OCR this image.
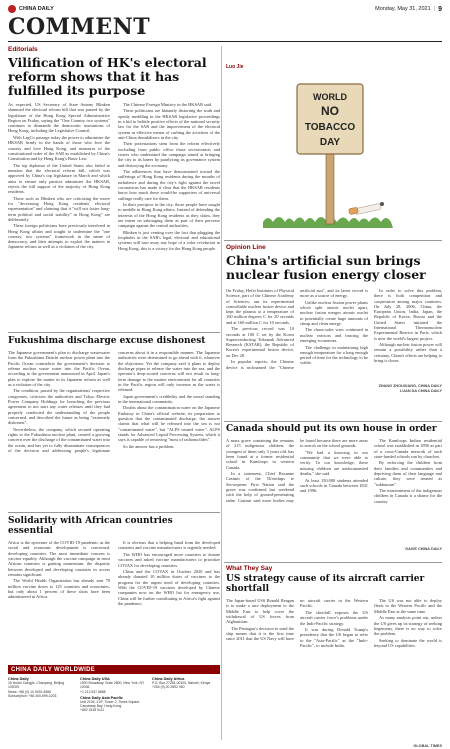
CHINA DAILY	Monday, May 31, 2021 | 9
COMMENT
Editorials
Vilification of HK's electoral reform shows that it has fulfilled its purpose

As expected, US Secretary of State Antony Blinken slammed the electoral reform bill that was passed by the legislature of the Hong Kong Special Administrative Region on Friday, saying the "One Country two systems" continues to dismantle the democratic institutions of Hong Kong, including the Legislative Council.

With LegCo passage today the power to administer the HKSAR firmly in the hands of those who love the country and love Hong Kong, and measures of the constitutional order of the SAR as established by China's Constitution and by Hong Kong's Basic Law.

The top diplomat of the United States also failed to mention that the electoral reform bill, which was approved by China's top legislature in March and which aims to ensure only patriots administer the HKSAR, rejects the full support of the majority of Hong Kong residents.

Those such as Blinken who are criticizing the move for "decreasing Hong Kong residents' electoral representation" and claiming that it "will not foster long-term political and social stability" in Hong Kong" are deliberately

These foreign politicians have previously interfered in Hong Kong affairs and sought to undermine the "one country, two systems" framework in the name of democracy, and their attempts to exploit the matters in Japanese reform as well as a violation of the city.

The Chinese Foreign Ministry in the HKSAR said.

These politicians are blatantly distorting the truth and openly meddling in the HKSAR legislative proceedings in a bid to belittle positive effects of the national security law for the SAR and the improvement of the electoral system as effective means of curbing the activities of the anti-China destabilizers in the city.

Their protestations stem from the reform effectively excluding from public office those secessionists and rioters who understand the campaign aimed at bringing the city to its knees by paralyzing its governance system and destroying the economy.

The adherences that have demonstrated toward the sufferings of Hong Kong residents during the months of turbulence and during the city's fight against the novel coronavirus has made it clear that the HKSAR residents know how much these would-be supporters of universal suffrage really care for them.

In their precipice in the city, those people have sought to meddle in Hong Kong affairs. Instead of defending the interests of the Hong Kong residents as they claim, they are intent on sabotaging them as part of their perverse campaign against the central authorities.

Blinken is just venting over the fact that plugging the loopholes in the SAR's legal, electoral and educational systems will turn away any hope of a color revolution in Hong Kong, this is a victory for the Hong Kong people.

Fukushima discharge excuse dishonest

The Japanese government's plan to discharge wastewater from the Fukushima Daiichi nuclear power plant into the Pacific Ocean contradicts the government's decision to release nuclear waste water into the Pacific Ocean, according to the government announced in April. Japan's plan to explore the matter in its Japanese reform as well as a violation of the city.

The condition, passed by the organizations' respective congresses, criticizes the authorities and Tokyo Electric Power Company Holdings for breaching the previous agreement to not start any water releases until they had properly conducted the understanding of the people concerned, and described the future as being "extremely dishonest".

Nevertheless, the company, which secured operating rights to the Fukushima nuclear plant, created a growing concern over the discharge of the contaminated water into the ocean, and has yet to fully disseminate consequences of the decision and addressing people's legitimate concerns about it in a responsible manner. The Japanese authorities were determined to go ahead with it, whatever the objections. Yet the company said it plans to deploy discharge pipes to release the water into the sea, and the operator's deep-rooted concerns will not result in long-term damage to the marine environment for all countries in the Pacific region will only increase as the water is released.

Japan government's credibility and the moral standing in the international community.

Doubts about the contamination water on the Japanese Embassy in China's official website, its preparation to question that the contaminated discharge, the answer claims that what will be released into the sea is not "contaminated water", but "ALPS treated water". ALPS stands for Advanced Liquid Processing System, which it says is capable of removing "most of radionuclides".

So the answer has a problem.

Solidarity with African countries essential

Africa is the epicenter of the COVID-19 pandemic as the social and economic development is concerned, developing countries. The most immediate concern is vaccine equality. Although the vaccine campaign in most African countries is gaining momentum, the disparity between developed and developing countries in access remains significant.

The World Health Organization has already sent 79 million vaccine doses to 125 countries and economies, but only about 1 percent of these shots have been administered in Africa.

It is obvious that a helping hand from the developed countries and vaccine manufacturers is urgently needed.

The WHO has encouraged more countries to donate vaccines and asked vaccine manufacturers to prioritize COVAX for developing countries.

China and the COVAX in October 2020 and has already donated 10 million doses of vaccines to the program for the urgent need of developing countries. With the COVID-19 vaccines developed by Chinese companies now on the WHO list for emergency use, China will be further contributing to Africa's fight against the pandemic.

CHINA DAILY WORLDWIDE
China Daily
15 Huixin Dongjie, Chaoyang, Beijing 100029
News: +86 (0) 10 6491-8366
Subscription: +86 400-699-0203
China Daily USA
1500 Broadway, Suite 2800, New York, NY 10036
+1 212 537 8888
China Daily Asia Pacific
Unit 2106, 21/F, Tower 2, Times Square, Causeway Bay, Hong Kong
+852 2518 5111
China Daily Africa
P.O. Box 27281-00100, Nairobi, Kenya
+254 (0) 20 2692 060
Luo Jie
WORLD
NO
TOBACCO
DAY
Opinion Line
China's artificial sun brings nuclear fusion energy closer

On Friday, Hefei Institutes of Physical Science, part of the Chinese Academy of Sciences, ran its experimental controllable nuclear fusion device and kept the plasma at a temperature of 160 million degrees C for 20 seconds and at 160 million C for 10 seconds.

The previous record was 10 seconds at 100 C set by the Korea Superconducting Tokamak Advanced Research (KSTAR), the Republic of Korea's experimental fusion device, on Dec 28.

In popular reports, the Chinese device is nicknamed the "Chinese artificial sun", and its latest record is more as a source of energy.

Unlike nuclear fission power plants which split atomic nuclei apart, nuclear fusion merges atomic nuclei to potentially create huge amounts of cheap and clean energy.

The chaos-sales wars continued in nuclear reactors and bracing the emerging economies.

The challenge in maintaining high enough temperature for a long enough period of time for the technology to be viable.

In order to solve this problem, there is both competition and cooperation among major countries. On July 28, 2006, China, the European Union, India, Japan, the Republic of Korea, Russia and the United States initiated the International Thermonuclear Experimental Reactor in Paris, which is now the world's largest project.

Although nuclear fusion power will remain a possibility rather than a certainty, China's efforts are helping to bring it closer.

ZHANG ZHOUXIANG, CHINA DAILY
LUAN DA CHINA DAILY
Canada should put its own house in order

A mass grave containing the remains of 215 indigenous children, the youngest of them only 3 years old, has been found at a former residential school in Kamloops in western Canada.

In a statement, Chief Rosanne Casimir of the Tk'emlups te Secwepemc First Nation said the grave was confirmed last weekend with the help of ground-penetrating radar. Casimir said more bodies may be found because there are more areas to search on the school grounds.

"We had a knowing in our community that we were able to verify. To our knowledge, these missing children are undocumented deaths," she said.

At least 150,000 students attended such schools in Canada between 1831 and 1996.

The Kamloops Indian residential school was established in 1890 as part of a cross-Canada network of such state-funded schools run by churches.

By enforcing the children from their families and communities and depriving them of their language and culture, they were treated as "subhuman".

The mistreatment of the indigenous children in Canada is a shame for the country.

GAIVE CHINA DAILY
What They Say
US strategy cause of its aircraft carrier shortfall

The Japan-based USS Ronald Reagan is to make a rare deployment to the Middle East to help cover the withdrawal of US forces from Afghanistan.

The Pentagon's decision to send the ship means that it is the first time since 2011 that the US Navy will have no aircraft carrier in the Western Pacific.

The shortfall exposes the US aircraft carrier force's problems under the Indo-Pacific strategy.

It was during Donald Trump's presidency that the US began to refer to the "Asia-Pacific" as the "Indo-Pacific", to include India.

The US was not able to deploy fleets to the Western Pacific and the Middle East at the same time.

As many analysts point out, unless the US gives up its strategy of seeking hegemony, there is no way to solve the problem.

Seeking to dominate the world is beyond US capabilities.

GLOBAL TIMES
